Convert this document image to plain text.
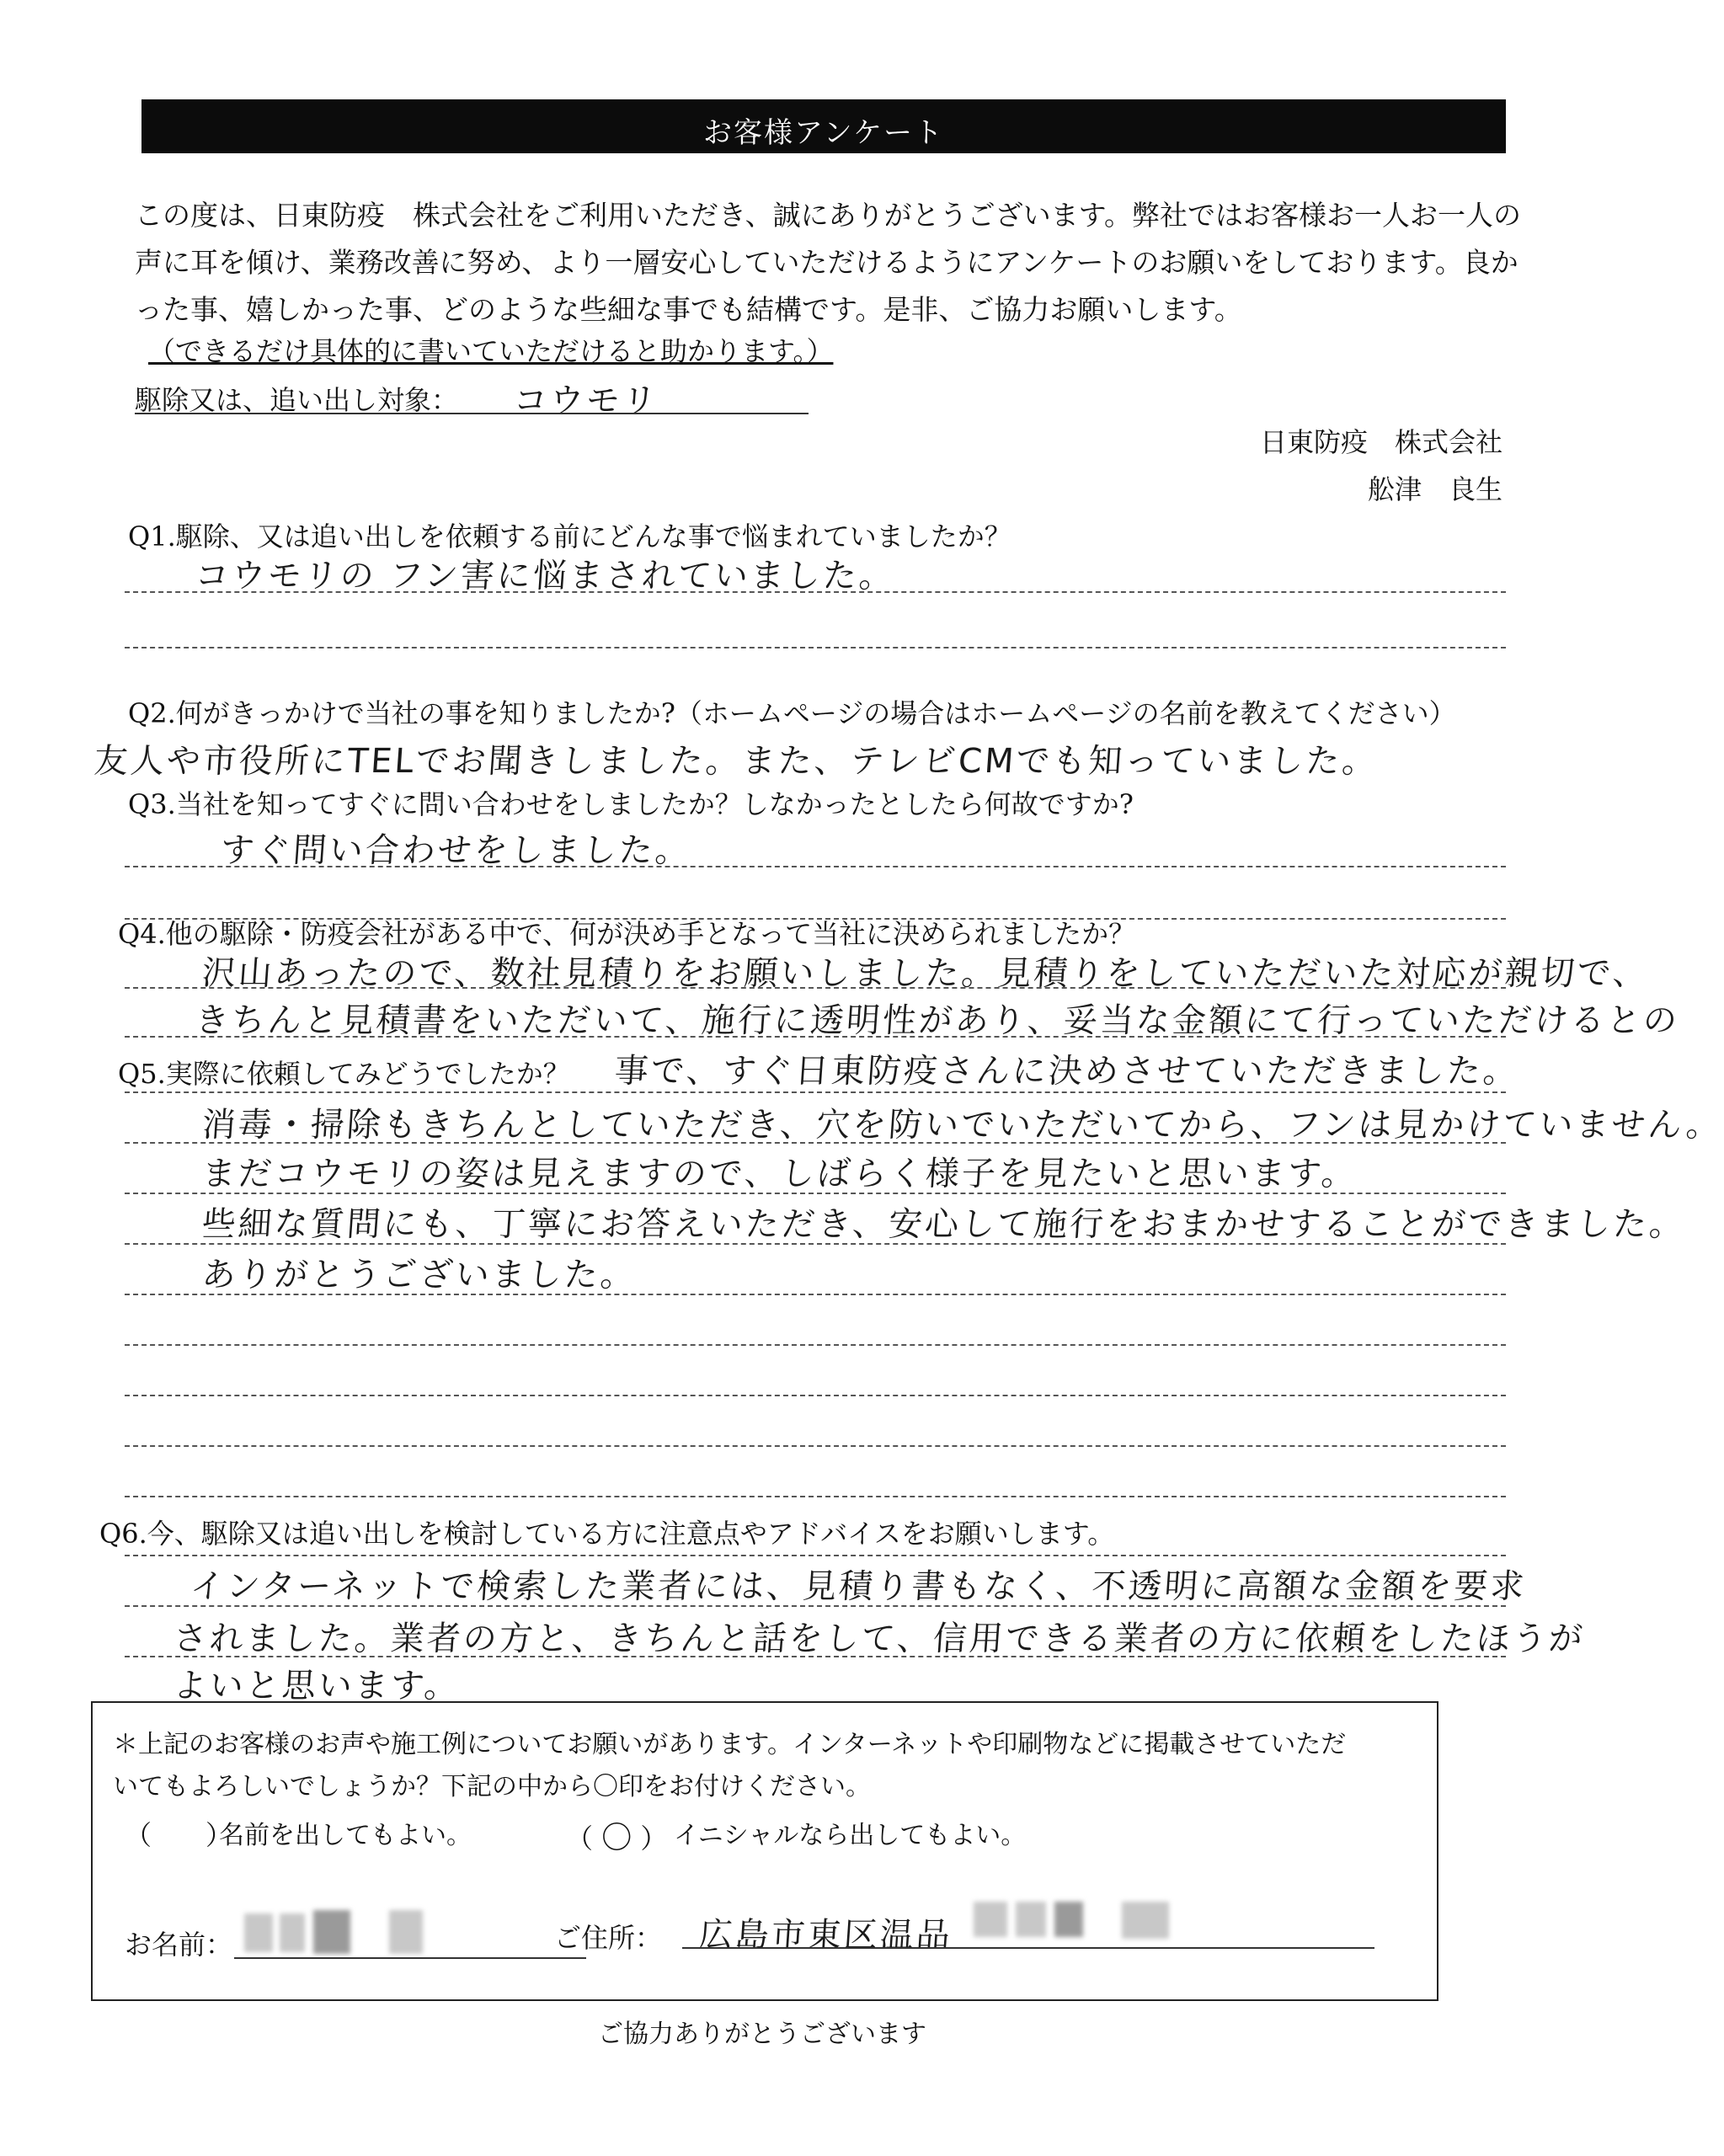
お客様アンケート
この度は、日東防疫　株式会社をご利用いただき、誠にありがとうございます。弊社ではお客様お一人お一人の
声に耳を傾け、業務改善に努め、より一層安心していただけるようにアンケートのお願いをしております。良か
った事、嬉しかった事、どのような些細な事でも結構です。是非、ご協力お願いします。
（できるだけ具体的に書いていただけると助かります。）
駆除又は、追い出し対象： コウモリ
日東防疫　株式会社
舩津　良生
Q1.駆除、又は追い出しを依頼する前にどんな事で悩まれていましたか？
コウモリの フン害に悩まされていました。
Q2.何がきっかけで当社の事を知りましたか?（ホームページの場合はホームページの名前を教えてください）
友人や市役所にTELでお聞きしました。また、テレビCMでも知っていました。
Q3.当社を知ってすぐに問い合わせをしましたか？しなかったとしたら何故ですか?
すぐ問い合わせをしました。
Q4.他の駆除・防疫会社がある中で、何が決め手となって当社に決められましたか？
沢山あったので、数社見積りをお願いしました。見積りをしていただいた対応が親切で、
きちんと見積書をいただいて、施行に透明性があり、妥当な金額にて行っていただけるとの
Q5.実際に依頼してみどうでしたか？ 事で、すぐ日東防疫さんに決めさせていただきました。
消毒・掃除もきちんとしていただき、穴を防いでいただいてから、フンは見かけていません。
まだコウモリの姿は見えますので、しばらく様子を見たいと思います。
些細な質問にも、丁寧にお答えいただき、安心して施行をおまかせすることができました。
ありがとうございました。
Q6.今、駆除又は追い出しを検討している方に注意点やアドバイスをお願いします。
インターネットで検索した業者には、見積り書もなく、不透明に高額な金額を要求
されました。業者の方と、きちんと話をして、信用できる業者の方に依頼をしたほうが
よいと思います。
＊上記のお客様のお声や施工例についてお願いがあります。インターネットや印刷物などに掲載させていただ
いてもよろしいでしょうか？下記の中から〇印をお付けください。
（　　）
名前を出してもよい。	（ 〇 ） イニシャルなら出してもよい。
お名前：	ご住所： 広島市東区温品
ご協力ありがとうございます
